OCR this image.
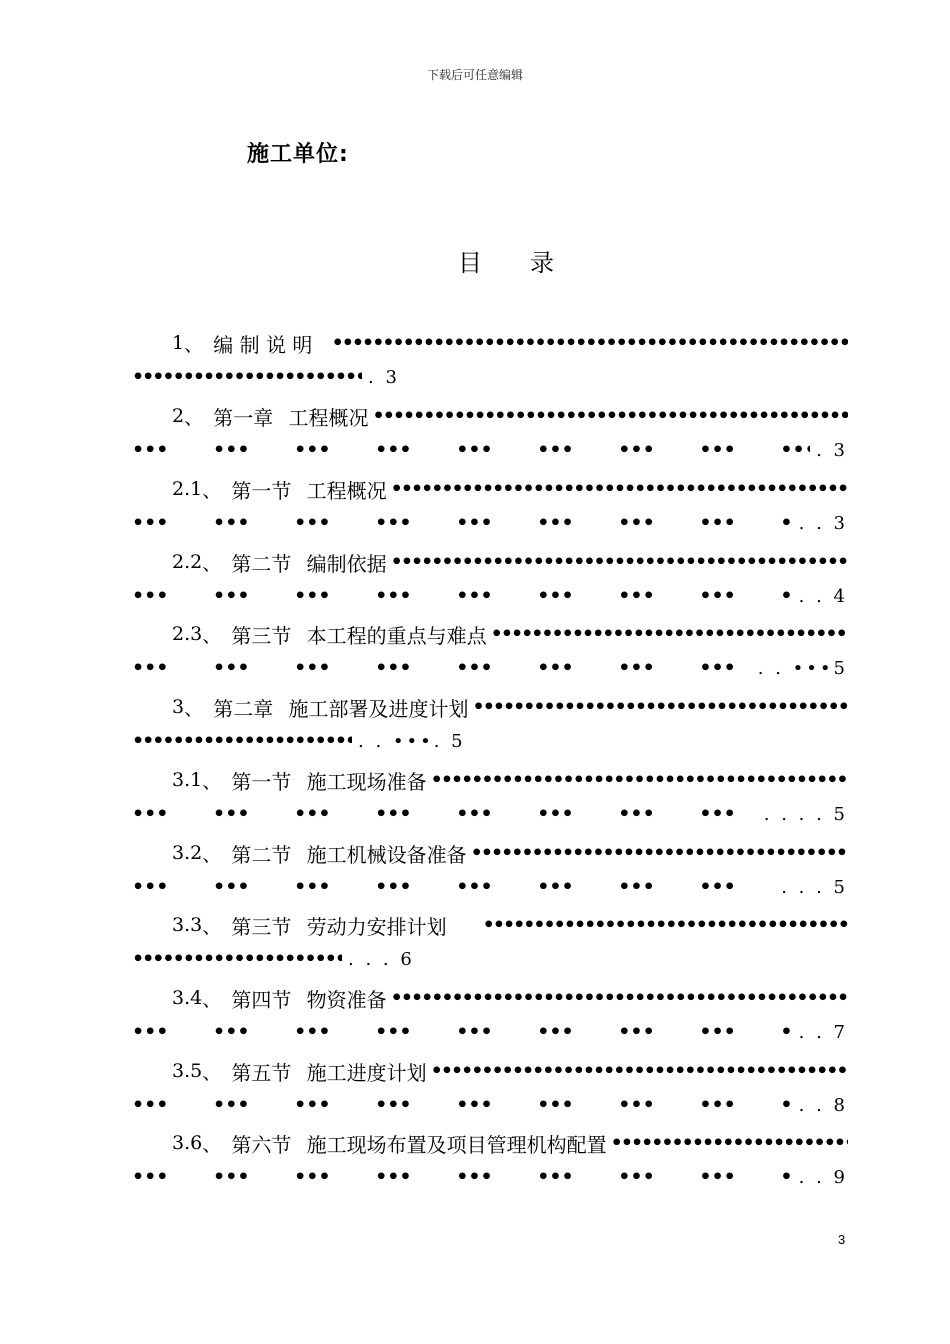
下载后可任意编辑
施工单位:
目 录
1 、
编 制 说 明

•••••
•••••
. 3
2 、
第一章
工程概况
•••••
••• •
. 3
2.1 、
第一节
工程概况
•••••
••• •
. . 3
2.2 、
第二节
编制依据
•••••
••• •
. . 4
2.3 、
第三节
本工程的重点与难点
•••••
••• •
. . •••5
3 、
第二章
施工部署及进度计划
•••••
•••••
. . •••. 5
3.1 、
第一节
施工现场准备
•••••
••• •
. . . . 5
3.2 、
第二节
施工机械设备准备
•••••
••• •
. . . 5
3.3 、
第三节
劳动力安排计划
•••••
•••••
. . . 6
3.4 、
第四节
物资准备
•••••
••• •
. . 7
3.5 、
第五节
施工进度计划
•••••
••• •
. . 8
3.6 、
第六节
施工现场布置及项目管理机构配置
•••••
••• •
. . 9
3
